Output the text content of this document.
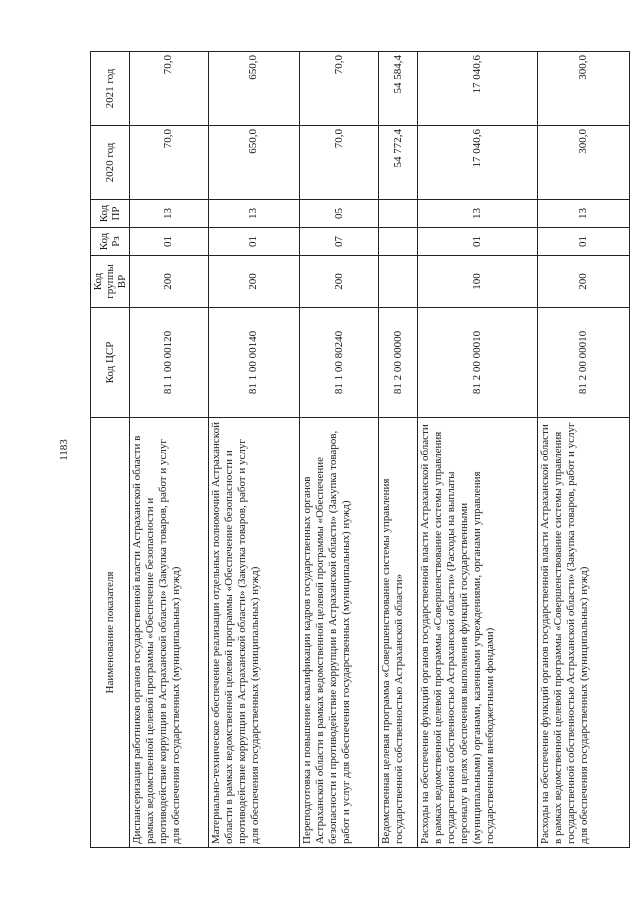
1183
Наименование показателя	Код ЦСР	Код группы ВР	Код Рз	Код ПР	2020 год	2021 год
Диспансеризация работников органов государственной власти Астраханской области в рамках ведомственной целевой программы «Обеспечение безопасности и противодействие коррупции в Астраханской области» (Закупка товаров, работ и услуг для обеспечения государственных (муниципальных) нужд)	81 1 00 00120	200	01	13	70,0	70,0
Материально-техническое обеспечение реализации отдельных полномочий Астраханской области в рамках ведомственной целевой программы «Обеспечение безопасности и противодействие коррупции в Астраханской области» (Закупка товаров, работ и услуг для обеспечения государственных (муниципальных) нужд)	81 1 00 00140	200	01	13	650,0	650,0
Переподготовка и повышение квалификации кадров государственных органов Астраханской области в рамках ведомственной целевой программы «Обеспечение безопасности и противодействие коррупции в Астраханской области» (Закупка товаров, работ и услуг для обеспечения государственных (муниципальных) нужд)	81 1 00 80240	200	07	05	70,0	70,0
Ведомственная целевая программа «Совершенствование системы управления государственной собственностью Астраханской области»	81 2 00 00000				54 772,4	54 584,4
Расходы на обеспечение функций органов государственной власти Астраханской области в рамках ведомственной целевой программы «Совершенствование системы управления государственной собственностью Астраханской области» (Расходы на выплаты персоналу в целях обеспечения выполнения функций государственными (муниципальными) органами, казенными учреждениями, органами управления государственными внебюджетными фондами)	81 2 00 00010	100	01	13	17 040,6	17 040,6
Расходы на обеспечение функций органов государственной власти Астраханской области в рамках ведомственной целевой программы «Совершенствование системы управления государственной собственностью Астраханской области» (Закупка товаров, работ и услуг для обеспечения государственных (муниципальных) нужд)	81 2 00 00010	200	01	13	300,0	300,0
